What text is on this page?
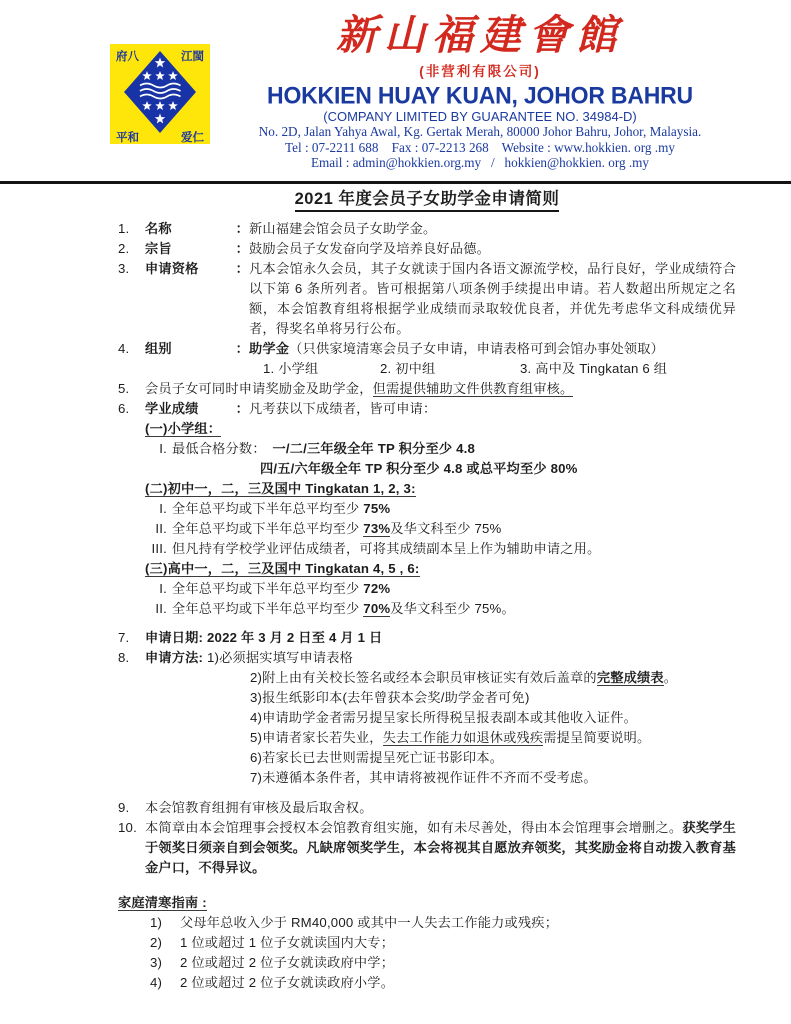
府八	江閩
平和	爱仁
新山福建會館
(非营利有限公司)
HOKKIEN HUAY KUAN, JOHOR BAHRU
(COMPANY LIMITED BY GUARANTEE NO. 34984-D)
No. 2D, Jalan Yahya Awal, Kg. Gertak Merah, 80000 Johor Bahru, Johor, Malaysia.
Tel : 07-2211 688    Fax : 07-2213 268    Website : www.hokkien. org .my
Email : admin@hokkien.org.my   /   hokkien@hokkien. org .my
2021 年度会员子女助学金申请简则
1.	名称	： 新山福建会馆会员子女助学金。
2.	宗旨	： 鼓励会员子女发奋向学及培养良好品德。
3.	申请资格	： 凡本会馆永久会员，其子女就读于国内各语文源流学校，品行良好，学业成绩符合以下第 6 条所列者。皆可根据第八项条例手续提出申请。若人数超出所规定之名额，本会馆教育组将根据学业成绩而录取较优良者，并优先考虑华文科成绩优异者，得奖名单将另行公布。
4.	组别	： 助学金（只供家境清寒会员子女申请，申请表格可到会馆办事处领取）
1. 小学组	2. 初中组	3. 高中及 Tingkatan 6 组
5.	会员子女可同时申请奖励金及助学金，但需提供辅助文件供教育组审核。
6.	学业成绩	： 凡考获以下成绩者，皆可申请：
(一)小学组：
I. 最低合格分数：　一/二/三年级全年 TP 积分至少 4.8
四/五/六年级全年 TP 积分至少 4.8 或总平均至少 80%
(二)初中一，二，三及国中 Tingkatan 1, 2, 3:
I. 全年总平均或下半年总平均至少 75%
II. 全年总平均或下半年总平均至少 73%及华文科至少 75%
III. 但凡持有学校学业评估成绩者，可将其成绩副本呈上作为辅助申请之用。
(三)高中一，二，三及国中 Tingkatan 4, 5 , 6:
I. 全年总平均或下半年总平均至少 72%
II. 全年总平均或下半年总平均至少 70%及华文科至少 75%。
7.	申请日期: 2022 年 3 月 2 日至 4 月 1 日
8.	申请方法: 1)必须据实填写申请表格
2)附上由有关校长签名或经本会职员审核证实有效后盖章的完整成绩表。
3)报生纸影印本(去年曾获本会奖/助学金者可免)
4)申请助学金者需另提呈家长所得税呈报表副本或其他收入证件。
5)申请者家长若失业，失去工作能力如退休或残疾需提呈简要说明。
6)若家长已去世则需提呈死亡证书影印本。
7)未遵循本条件者，其申请将被视作证件不齐而不受考虑。
9.	本会馆教育组拥有审核及最后取舍权。
10. 本简章由本会馆理事会授权本会馆教育组实施，如有未尽善处，得由本会馆理事会增删之。获奖学生于领奖日须亲自到会领奖。凡缺席领奖学生，本会将视其自愿放弃领奖，其奖励金将自动拨入教育基金户口，不得异议。
家庭清寒指南 :
1)	父母年总收入少于 RM40,000 或其中一人失去工作能力或残疾；
2)	1 位或超过 1 位子女就读国内大专；
3)	2 位或超过 2 位子女就读政府中学；
4)	2 位或超过 2 位子女就读政府小学。
